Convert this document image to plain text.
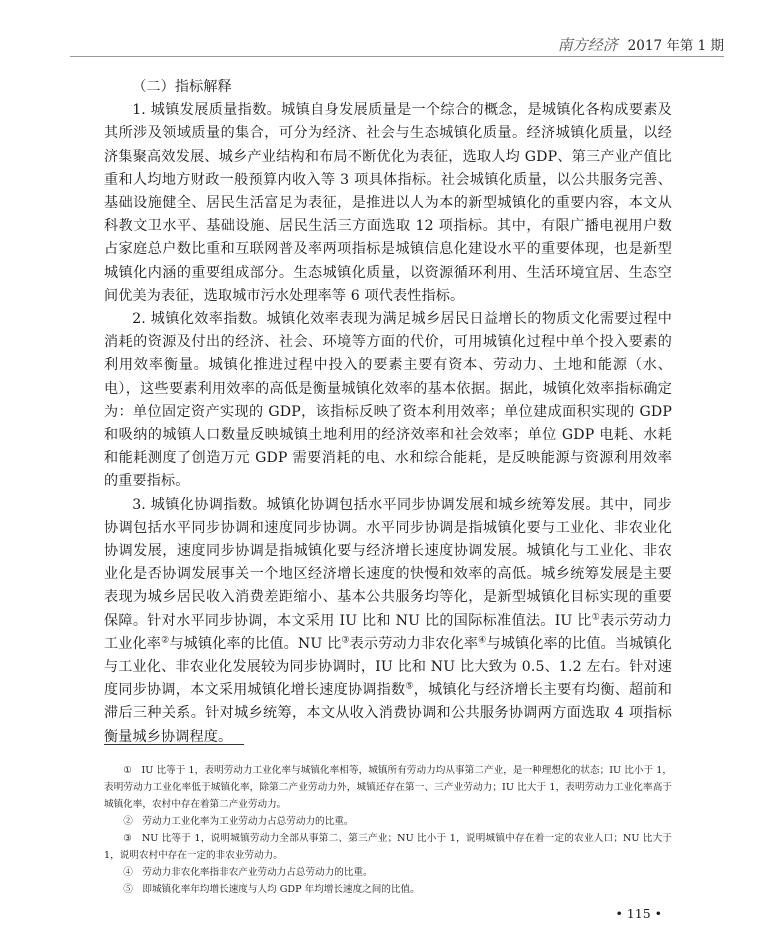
南方经济 2017 年第 1 期
（二）指标解释

1. 城镇发展质量指数。城镇自身发展质量是一个综合的概念，是城镇化各构成要素及其所涉及领域质量的集合，可分为经济、社会与生态城镇化质量。经济城镇化质量，以经济集聚高效发展、城乡产业结构和布局不断优化为表征，选取人均 GDP、第三产业产值比重和人均地方财政一般预算内收入等 3 项具体指标。社会城镇化质量，以公共服务完善、基础设施健全、居民生活富足为表征，是推进以人为本的新型城镇化的重要内容，本文从科教文卫水平、基础设施、居民生活三方面选取 12 项指标。其中，有限广播电视用户数占家庭总户数比重和互联网普及率两项指标是城镇信息化建设水平的重要体现，也是新型城镇化内涵的重要组成部分。生态城镇化质量，以资源循环利用、生活环境宜居、生态空间优美为表征，选取城市污水处理率等 6 项代表性指标。

2. 城镇化效率指数。城镇化效率表现为满足城乡居民日益增长的物质文化需要过程中消耗的资源及付出的经济、社会、环境等方面的代价，可用城镇化过程中单个投入要素的利用效率衡量。城镇化推进过程中投入的要素主要有资本、劳动力、土地和能源（水、电），这些要素利用效率的高低是衡量城镇化效率的基本依据。据此，城镇化效率指标确定为：单位固定资产实现的 GDP，该指标反映了资本利用效率；单位建成面积实现的 GDP 和吸纳的城镇人口数量反映城镇土地利用的经济效率和社会效率；单位 GDP 电耗、水耗和能耗测度了创造万元 GDP 需要消耗的电、水和综合能耗，是反映能源与资源利用效率的重要指标。

3. 城镇化协调指数。城镇化协调包括水平同步协调发展和城乡统筹发展。其中，同步协调包括水平同步协调和速度同步协调。水平同步协调是指城镇化要与工业化、非农业化协调发展，速度同步协调是指城镇化要与经济增长速度协调发展。城镇化与工业化、非农业化是否协调发展事关一个地区经济增长速度的快慢和效率的高低。城乡统筹发展是主要表现为城乡居民收入消费差距缩小、基本公共服务均等化，是新型城镇化目标实现的重要保障。针对水平同步协调，本文采用 IU 比和 NU 比的国际标准值法。IU 比①表示劳动力工业化率②与城镇化率的比值。NU 比③表示劳动力非农化率④与城镇化率的比值。当城镇化与工业化、非农业化发展较为同步协调时，IU 比和 NU 比大致为 0.5、1.2 左右。针对速度同步协调，本文采用城镇化增长速度协调指数⑤，城镇化与经济增长主要有均衡、超前和滞后三种关系。针对城乡统筹，本文从收入消费协调和公共服务协调两方面选取 4 项指标衡量城乡协调程度。

①　 IU 比等于 1，表明劳动力工业化率与城镇化率相等，城镇所有劳动力均从事第二产业，是一种理想化的状态；IU 比小于 1，表明劳动力工业化率低于城镇化率，除第二产业劳动力外，城镇还存在第一、三产业劳动力；IU 比大于 1，表明劳动力工业化率高于城镇化率，农村中存在着第二产业劳动力。

②　 劳动力工业化率为工业劳动力占总劳动力的比重。

③　 NU 比等于 1，说明城镇劳动力全部从事第二、第三产业；NU 比小于 1，说明城镇中存在着一定的农业人口；NU 比大于 1，说明农村中存在一定的非农业劳动力。

④　 劳动力非农化率指非农产业劳动力占总劳动力的比重。

⑤　 即城镇化率年均增长速度与人均 GDP 年均增长速度之间的比值。

• 115 •
